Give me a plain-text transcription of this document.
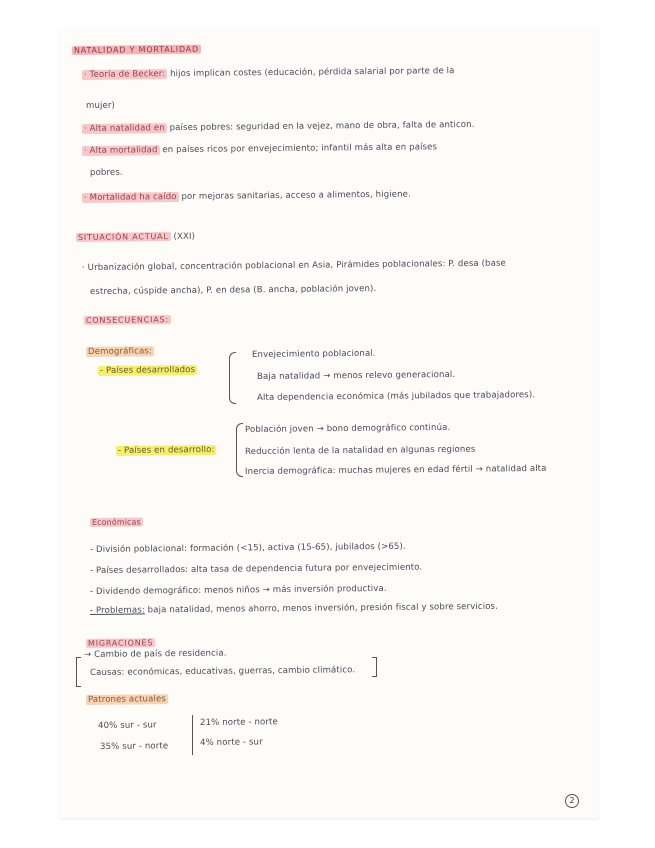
NATALIDAD Y MORTALIDAD
· Teoría de Becker: hijos implican costes (educación, pérdida salarial por parte de la
mujer)
· Alta natalidad en países pobres: seguridad en la vejez, mano de obra, falta de anticon.
· Alta mortalidad en países ricos por envejecimiento; infantil más alta en países
pobres.
· Mortalidad ha caído por mejoras sanitarias, acceso a alimentos, higiene.
SITUACIÓN ACTUAL (XXI)
· Urbanización global, concentración poblacional en Asia, Pirámides poblacionales: P. desa (base
estrecha, cúspide ancha), P. en desa (B. ancha, población joven).
CONSECUENCIAS:
Demográficas:
- Países desarrollados
Envejecimiento poblacional.
Baja natalidad → menos relevo generacional.
Alta dependencia económica (más jubilados que trabajadores).
- Países en desarrollo:
Población joven → bono demográfico continúa.
Reducción lenta de la natalidad en algunas regiones
Inercia demográfica: muchas mujeres en edad fértil → natalidad alta
Económicas
- División poblacional: formación (<15), activa (15-65), jubilados (>65).
- Países desarrollados: alta tasa de dependencia futura por envejecimiento.
- Dividendo demográfico: menos niños → más inversión productiva.
- Problemas: baja natalidad, menos ahorro, menos inversión, presión fiscal y sobre servicios.
MIGRACIONES
→ Cambio de país de residencia.
Causas: económicas, educativas, guerras, cambio climático.
Patrones actuales
40% sur - sur
35% sur - norte
21% norte - norte
4% norte - sur
2
